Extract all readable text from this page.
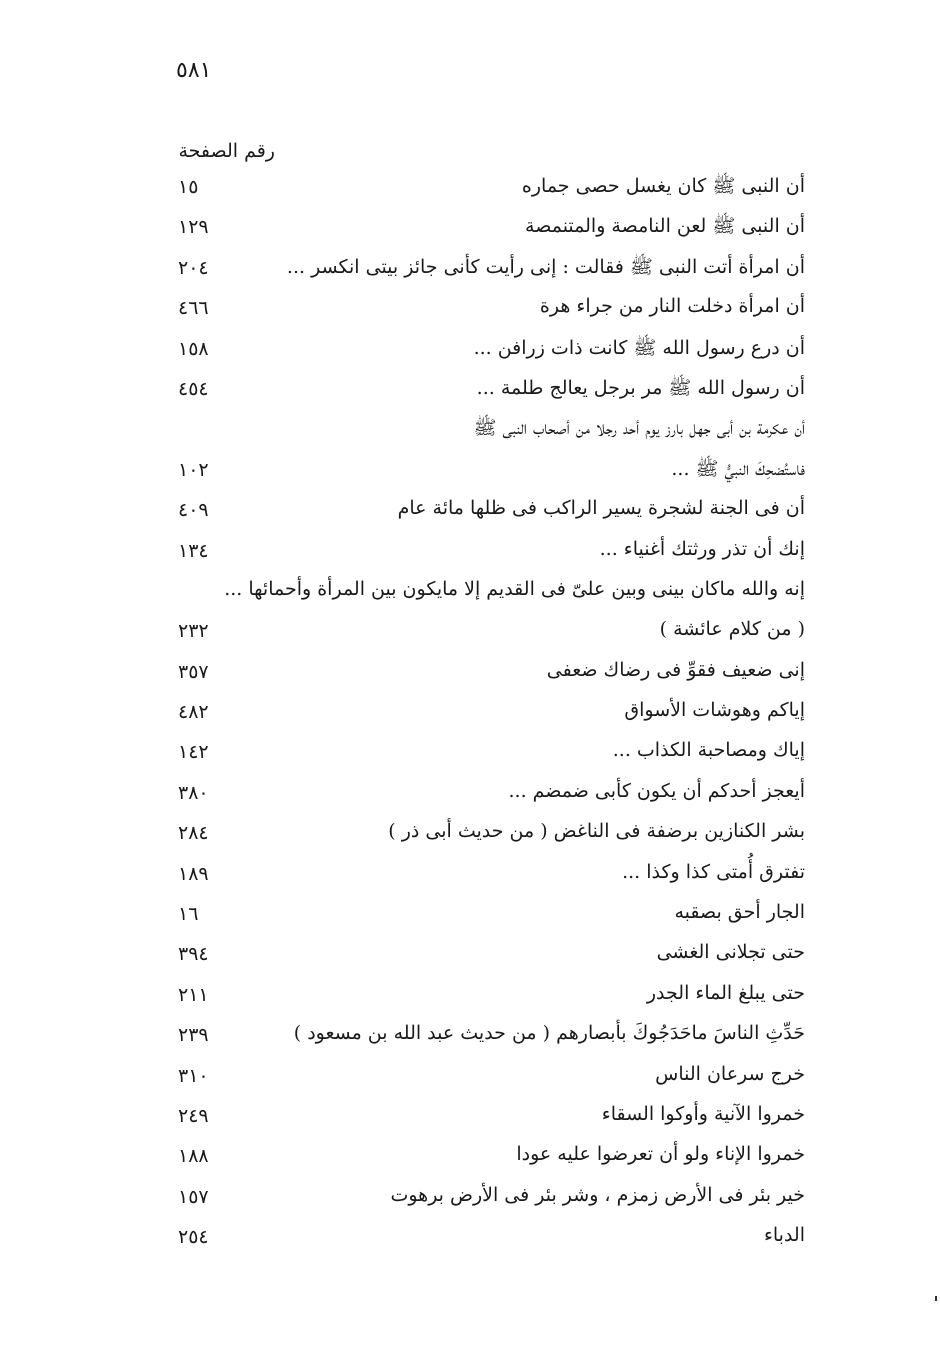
٥٨١
رقم الصفحة
أن النبى ﷺ كان يغسل حصى جماره
١٥
أن النبى ﷺ لعن النامصة والمتنمصة
١٢٩
أن امرأة أتت النبى ﷺ فقالت : إنى رأيت كأنى جائز بيتى انكسر ...
٢٠٤
أن امرأة دخلت النار من جراء هرة
٤٦٦
أن درع رسول الله ﷺ كانت ذات زرافن ...
١٥٨
أن رسول الله ﷺ مر برجل يعالج طلمة ...
٤٥٤
أن عكرمة بن أبى جهل بارز يوم أحد رجلا من أصحاب النبى ﷺ
فاستُضحِكَ النبيُّ ﷺ ...
١٠٢
أن فى الجنة لشجرة يسير الراكب فى ظلها مائة عام
٤٠٩
إنك أن تذر ورثتك أغنياء ...
١٣٤
إنه والله ماكان بينى وبين علىّ فى القديم إلا مايكون بين المرأة وأحمائها ...
( من كلام عائشة )
٢٣٢
إنى ضعيف فقوِّ فى رضاك ضعفى
٣٥٧
إياكم وهوشات الأسواق
٤٨٢
إياك ومصاحبة الكذاب ...
١٤٢
أيعجز أحدكم أن يكون كأبى ضمضم ...
٣٨٠
بشر الكنازين برضفة فى الناغض ( من حديث أبى ذر )
٢٨٤
تفترق أُمتى كذا وكذا ...
١٨٩
الجار أحق بصقبه
١٦
حتى تجلانى الغشى
٣٩٤
حتى يبلغ الماء الجدر
٢١١
حَدِّثِ الناسَ ماحَدَجُوكَ بأبصارهم ( من حديث عبد الله بن مسعود )
٢٣٩
خرج سرعان الناس
٣١٠
خمروا الآنية وأوكوا السقاء
٢٤٩
خمروا الإناء ولو أن تعرضوا عليه عودا
١٨٨
خير بئر فى الأرض زمزم ، وشر بئر فى الأرض برهوت
١٥٧
الدباء
٢٥٤
